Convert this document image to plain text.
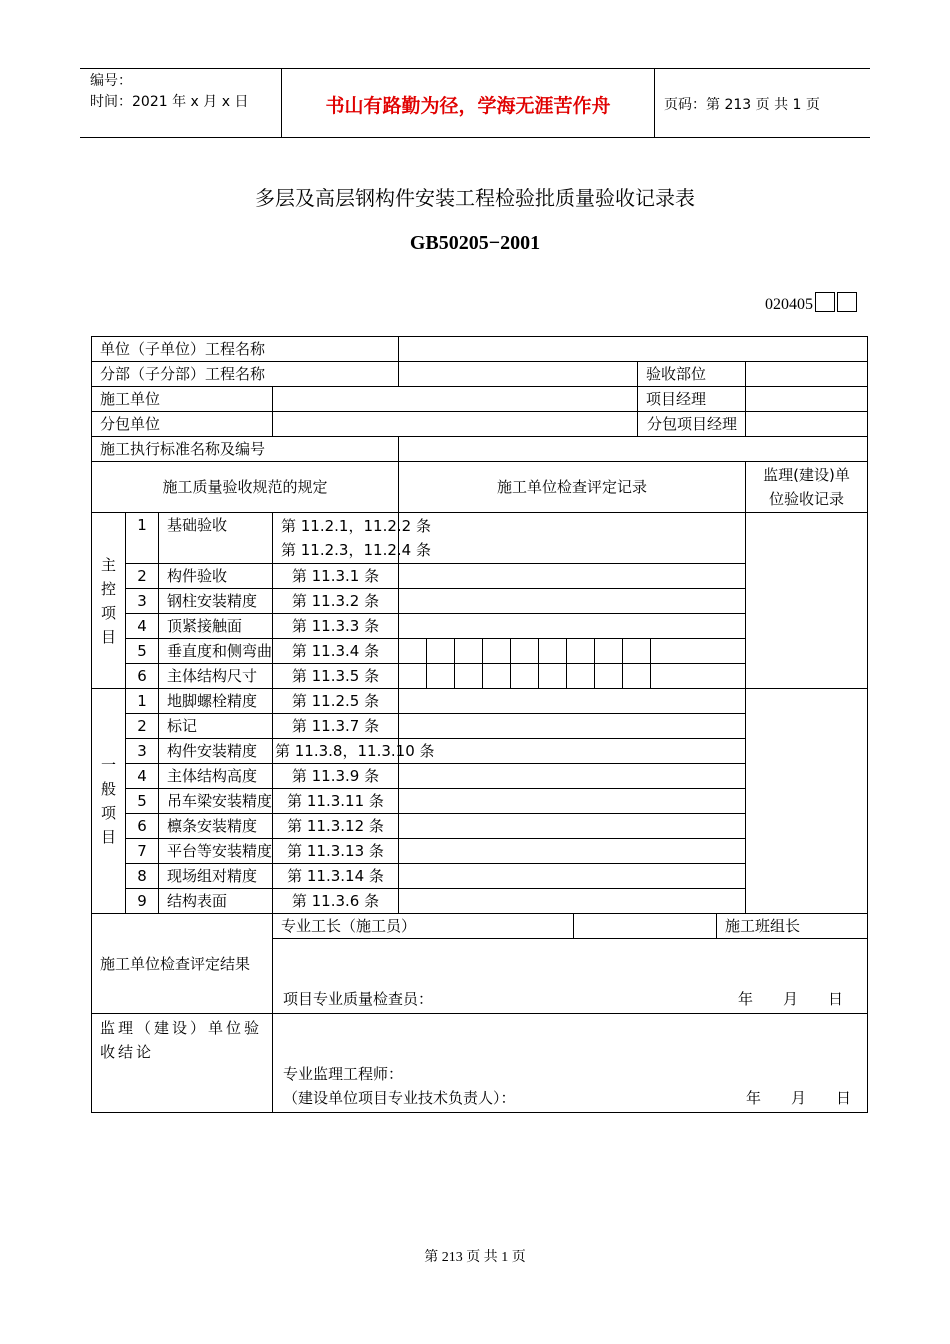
编号：
时间：2021 年 x 月 x 日	书山有路勤为径，学海无涯苦作舟	页码：第 213 页 共 1 页
多层及高层钢构件安装工程检验批质量验收记录表
GB50205−2001
020405
单位（子单位）工程名称	
分部（子分部）工程名称		验收部位	
施工单位		项目经理	
分包单位		分包项目经理	
施工执行标准名称及编号	
施工质量验收规范的规定	施工单位检查评定记录	
监理(建设)单
位验收记录

主
控
项
目
	1	基础验收	第 11.2.1，11.2.2 条
第 11.2.3，11.2.4 条

2	构件验收	第 11.3.1 条	
3	钢柱安装精度	第 11.3.2 条	
4	顶紧接触面	第 11.3.3 条	
5	垂直度和侧弯曲	第 11.3.4 条	

6	主体结构尺寸	第 11.3.5 条	

一
般
项
目
	1	地脚螺栓精度	第 11.2.5 条		
2	标记	第 11.3.7 条	
3	构件安装精度	第 11.3.8，11.3.10 条	
4	主体结构高度	第 11.3.9 条	
5	吊车梁安装精度	第 11.3.11 条	
6	檩条安装精度	第 11.3.12 条	
7	平台等安装精度	第 11.3.13 条	
8	现场组对精度	第 11.3.14 条	
9	结构表面	第 11.3.6 条	
施工单位检查评定结果	专业工长（施工员）		施工班组长

项目专业质量检查员：	年　　月　　日

监理（建设）单位验收结论	
专业监理工程师：
（建设单位项目专业技术负责人）：	年　　月　　日
第 213 页 共 1 页
